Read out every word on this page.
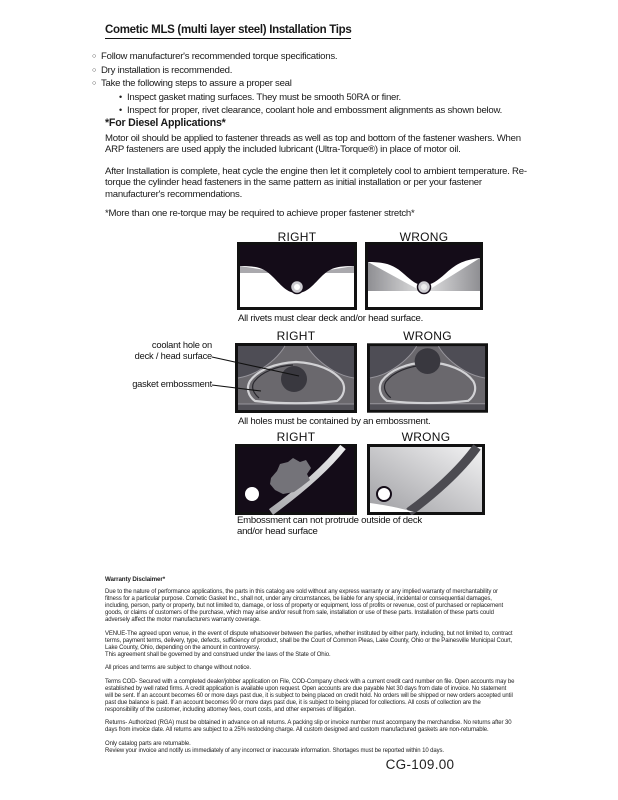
Cometic MLS (multi layer steel) Installation Tips
○ Follow manufacturer's recommended torque specifications.
○ Dry installation is recommended.
○ Take the following steps to assure a proper seal
• Inspect gasket mating surfaces. They must be smooth 50RA or finer.
• Inspect for proper, rivet clearance, coolant hole and embossment alignments as shown below.
*For Diesel Applications*

Motor oil should be applied to fastener threads as well as top and bottom of the fastener washers. When ARP fasteners are used apply the included lubricant (Ultra-Torque®) in place of motor oil.

After Installation is complete, heat cycle the engine then let it completely cool to ambient temperature. Re-torque the cylinder head fasteners in the same pattern as initial installation or per your fastener manufacturer's recommendations.

*More than one re-torque may be required to achieve proper fastener stretch*

RIGHT	WRONG
All rivets must clear deck and/or head surface.
RIGHT	WRONG
coolant hole on
deck / head surface
gasket embossment
All holes must be contained by an embossment.
RIGHT	WRONG
Embossment can not protrude outside of deck
and/or head surface
Warranty Disclaimer*

Due to the nature of performance applications, the parts in this catalog are sold without any express warranty or any implied warranty of merchantability or fitness for a particular purpose. Cometic Gasket Inc., shall not, under any circumstances, be liable for any special, incidental or consequential damages, including, person, party or property, but not limited to, damage, or loss of property or equipment, loss of profits or revenue, cost of purchased or replacement goods, or claims of customers of the purchase, which may arise and/or result from sale, installation or use of these parts. Installation of these parts could adversely affect the motor manufacturers warranty coverage.

VENUE-The agreed upon venue, in the event of dispute whatsoever between the parties, whether instituted by either party, including, but not limited to, contract terms, payment terms, delivery, type, defects, sufficiency of product, shall be the Court of Common Pleas, Lake County, Ohio or the Painesville Municipal Court, Lake County, Ohio, depending on the amount in controversy.

This agreement shall be governed by and construed under the laws of the State of Ohio.

All prices and terms are subject to change without notice.

Terms COD- Secured with a completed dealer/jobber application on File, COD-Company check with a current credit card number on file. Open accounts may be established by well rated firms. A credit application is available upon request. Open accounts are due payable Net 30 days from date of invoice. No statement will be sent. If an account becomes 60 or more days past due, it is subject to being placed on credit hold. No orders will be shipped or new orders accepted until past due balance is paid. If an account becomes 90 or more days past due, it is subject to being placed for collections. All costs of collection are the responsibility of the customer, including attorney fees, court costs, and other expenses of litigation.

Returns- Authorized (RGA) must be obtained in advance on all returns. A packing slip or invoice number must accompany the merchandise. No returns after 30 days from invoice date. All returns are subject to a 25% restocking charge. All custom designed and custom manufactured gaskets are non-returnable.

Only catalog parts are returnable.

Review your invoice and notify us immediately of any incorrect or inaccurate information. Shortages must be reported within 10 days.

CG-109.00
